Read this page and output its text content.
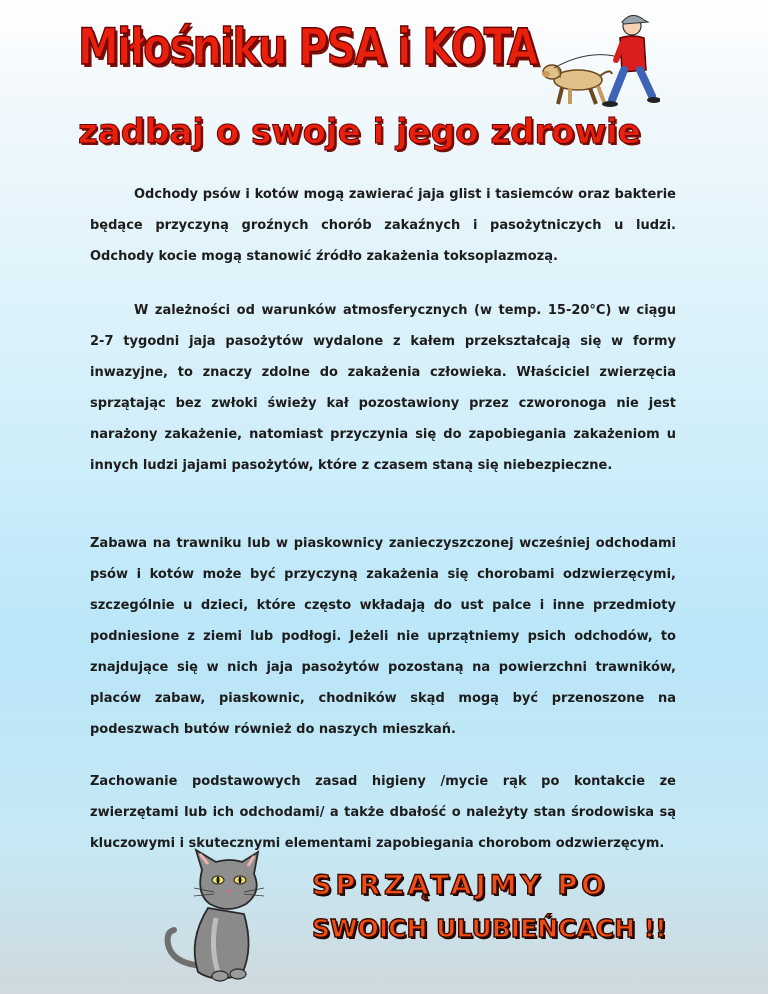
Miłośniku PSA i KOTA
zadbaj o swoje i jego zdrowie

Odchody psów i kotów mogą zawierać jaja glist i tasiemców oraz bakterie będące przyczyną groźnych chorób zakaźnych i pasożytniczych u ludzi. Odchody kocie mogą stanowić źródło zakażenia toksoplazmozą.

W zależności od warunków atmosferycznych (w temp. 15-20°C) w ciągu 2-7 tygodni jaja pasożytów wydalone z kałem przekształcają się w formy inwazyjne, to znaczy zdolne do zakażenia człowieka. Właściciel zwierzęcia sprzątając bez zwłoki świeży kał pozostawiony przez czworonoga nie jest narażony zakażenie, natomiast przyczynia się do zapobiegania zakażeniom u innych ludzi jajami pasożytów, które z czasem staną się niebezpieczne.

Zabawa na trawniku lub w piaskownicy zanieczyszczonej wcześniej odchodami psów i kotów może być przyczyną zakażenia się chorobami odzwierzęcymi, szczególnie u dzieci, które często wkładają do ust palce i inne przedmioty podniesione z ziemi lub podłogi. Jeżeli nie uprzątniemy psich odchodów, to znajdujące się w nich jaja pasożytów pozostaną na powierzchni trawników, placów zabaw, piaskownic, chodników skąd mogą być przenoszone na podeszwach butów również do naszych mieszkań.

Zachowanie podstawowych zasad higieny /mycie rąk po kontakcie ze zwierzętami lub ich odchodami/ a także dbałość o należyty stan środowiska są kluczowymi i skutecznymi elementami zapobiegania chorobom odzwierzęcym.

SPRZĄTAJMY PO
SWOICH ULUBIEŃCACH !!
